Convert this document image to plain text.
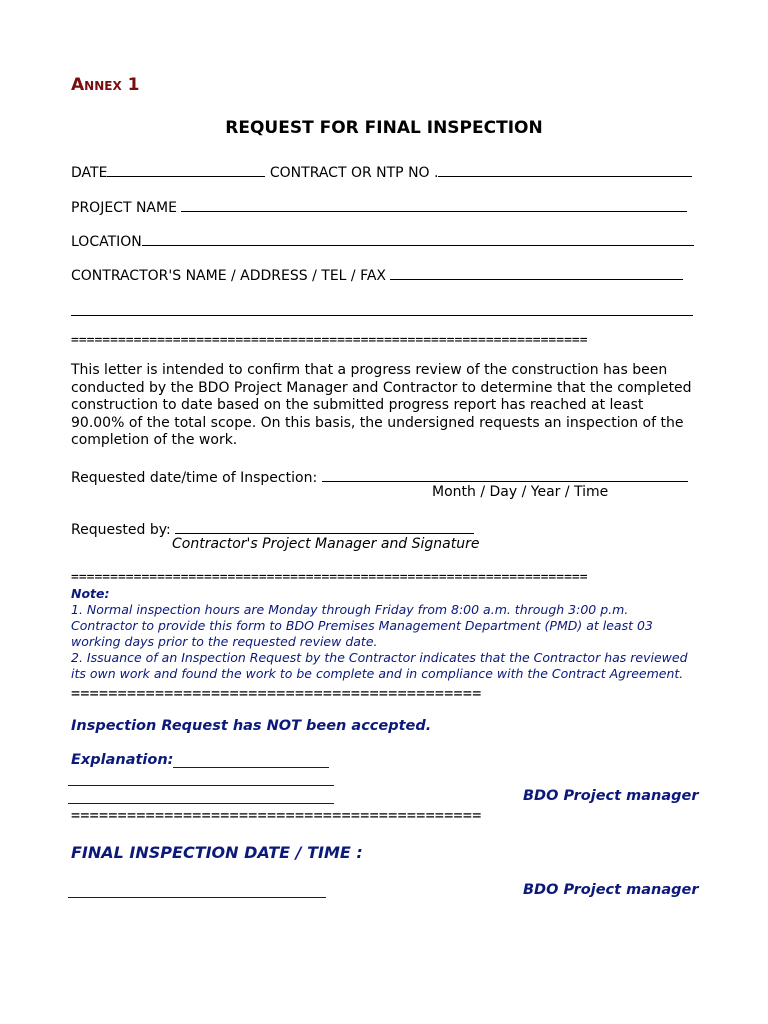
Annex 1
REQUEST FOR FINAL INSPECTION
DATE	CONTRACT OR NTP NO .
PROJECT NAME
LOCATION
CONTRACTOR'S NAME / ADDRESS / TEL / FAX
==================================================================
This letter is intended to confirm that a progress review of the construction has been
conducted by the BDO Project Manager and Contractor to determine that the completed
construction to date based on the submitted progress report has reached at least
90.00% of the total scope. On this basis, the undersigned requests an inspection of the
completion of the work.
Requested date/time of Inspection:
Month / Day / Year / Time
Requested by:
Contractor's Project Manager and Signature
==================================================================
Note:
1. Normal inspection hours are Monday through Friday from 8:00 a.m. through 3:00 p.m.
Contractor to provide this form to BDO Premises Management Department (PMD) at least 03
working days prior to the requested review date.
2. Issuance of an Inspection Request by the Contractor indicates that the Contractor has reviewed
its own work and found the work to be complete and in compliance with the Contract Agreement.
============================================
Inspection Request has NOT been accepted.
Explanation:
BDO Project manager
============================================
FINAL INSPECTION DATE / TIME :
BDO Project manager
